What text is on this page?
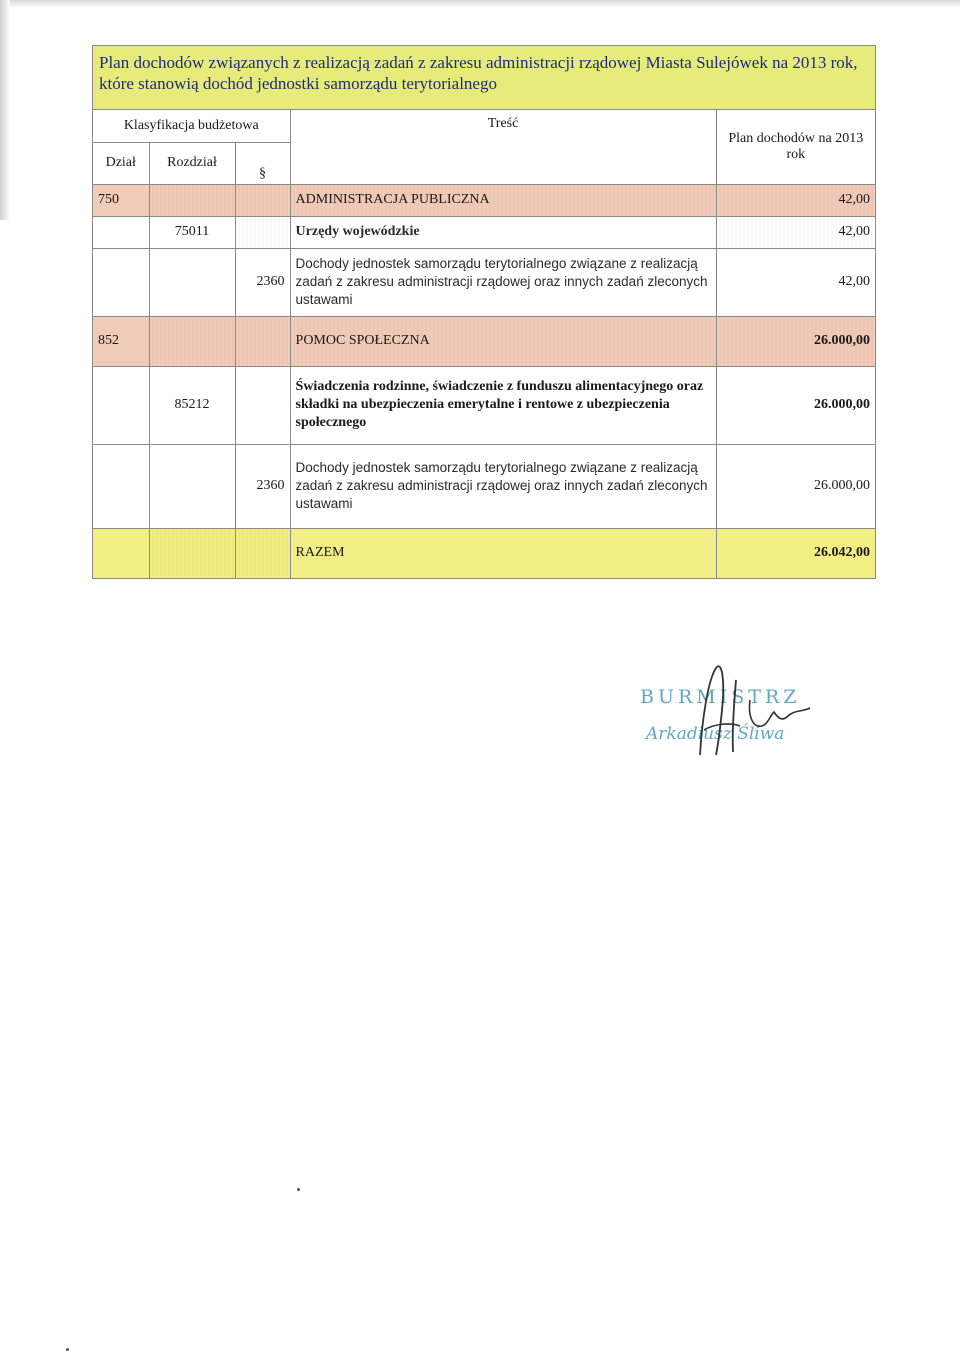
Plan dochodów związanych z realizacją zadań z zakresu administracji rządowej Miasta Sulejówek na 2013 rok, które stanowią dochód jednostki samorządu terytorialnego
Klasyfikacja budżetowa			Treść	Plan dochodów na 2013 rok
Dział	Rozdział	§		
750			ADMINISTRACJA PUBLICZNA	42,00
	75011		Urzędy wojewódzkie	42,00
		2360	Dochody jednostek samorządu terytorialnego związane z realizacją zadań z zakresu administracji rządowej oraz innych zadań zleconych ustawami	42,00
852			POMOC SPOŁECZNA	26.000,00
	85212		Świadczenia rodzinne, świadczenie z funduszu alimentacyjnego oraz składki na ubezpieczenia emerytalne i rentowe z ubezpieczenia społecznego	26.000,00
		2360	Dochody jednostek samorządu terytorialnego związane z realizacją zadań z zakresu administracji rządowej oraz innych zadań zleconych ustawami	26.000,00
			RAZEM	26.042,00
BURMISTRZ
Arkadiusz Śliwa
